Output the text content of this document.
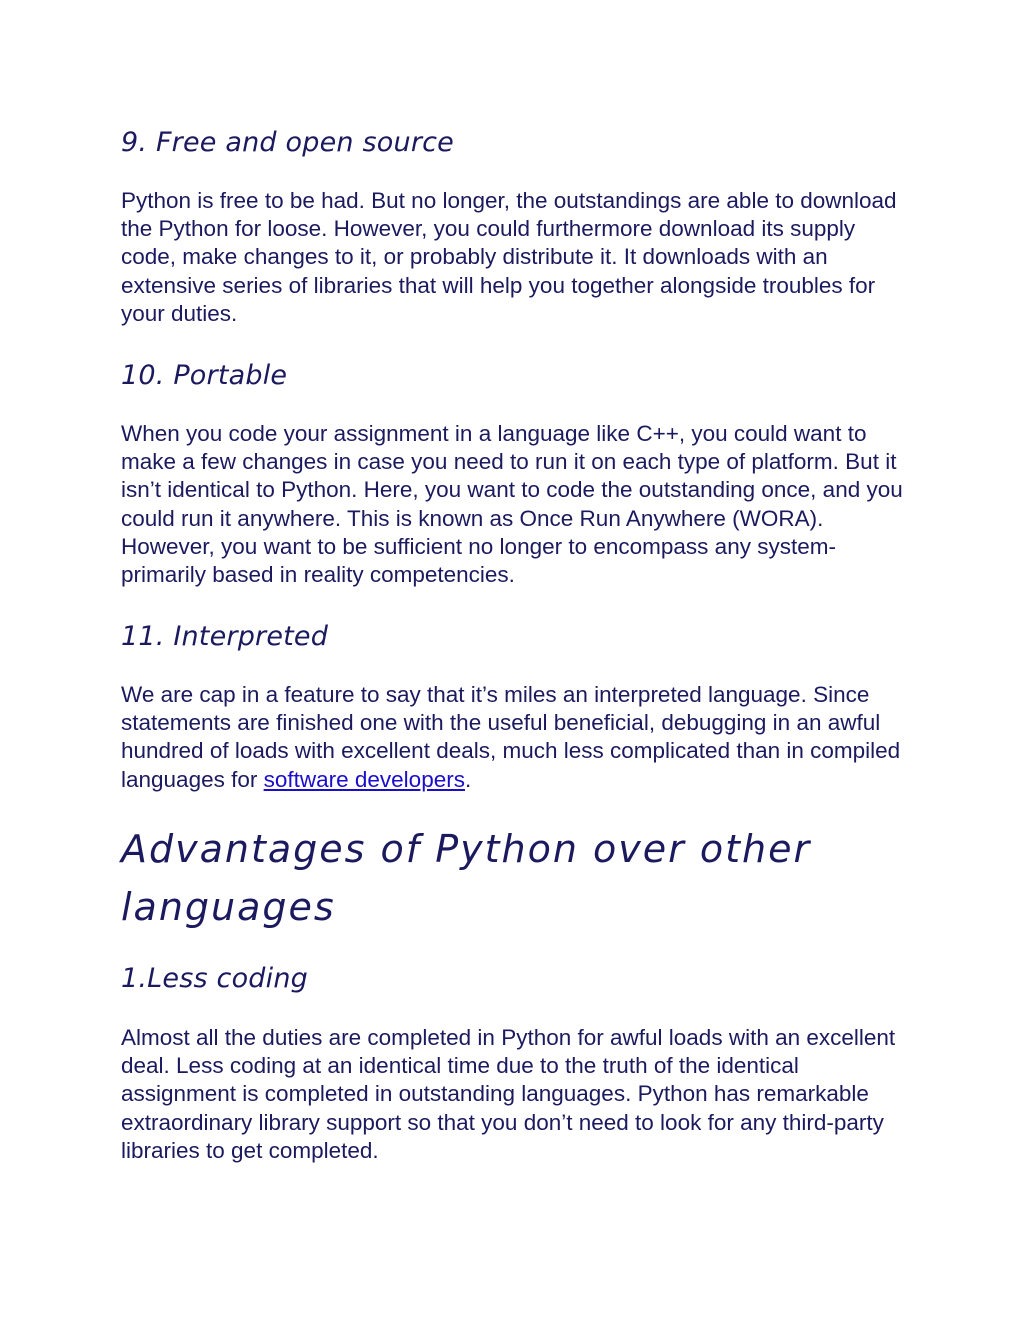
9. Free and open source

Python is free to be had. But no longer, the outstandings are able to download the Python for loose. However, you could furthermore download its supply code, make changes to it, or probably distribute it. It downloads with an extensive series of libraries that will help you together alongside troubles for your duties.

10. Portable

When you code your assignment in a language like C++, you could want to make a few changes in case you need to run it on each type of platform. But it isn’t identical to Python. Here, you want to code the outstanding once, and you could run it anywhere. This is known as Once Run Anywhere (WORA). However, you want to be sufficient no longer to encompass any system-primarily based in reality competencies.

11. Interpreted

We are cap in a feature to say that it’s miles an interpreted language. Since statements are finished one with the useful beneficial, debugging in an awful hundred of loads with excellent deals, much less complicated than in compiled languages for software developers.

Advantages of Python over other languages
1.Less coding

Almost all the duties are completed in Python for awful loads with an excellent deal. Less coding at an identical time due to the truth of the identical assignment is completed in outstanding languages. Python has remarkable extraordinary library support so that you don’t need to look for any third-party libraries to get completed.
